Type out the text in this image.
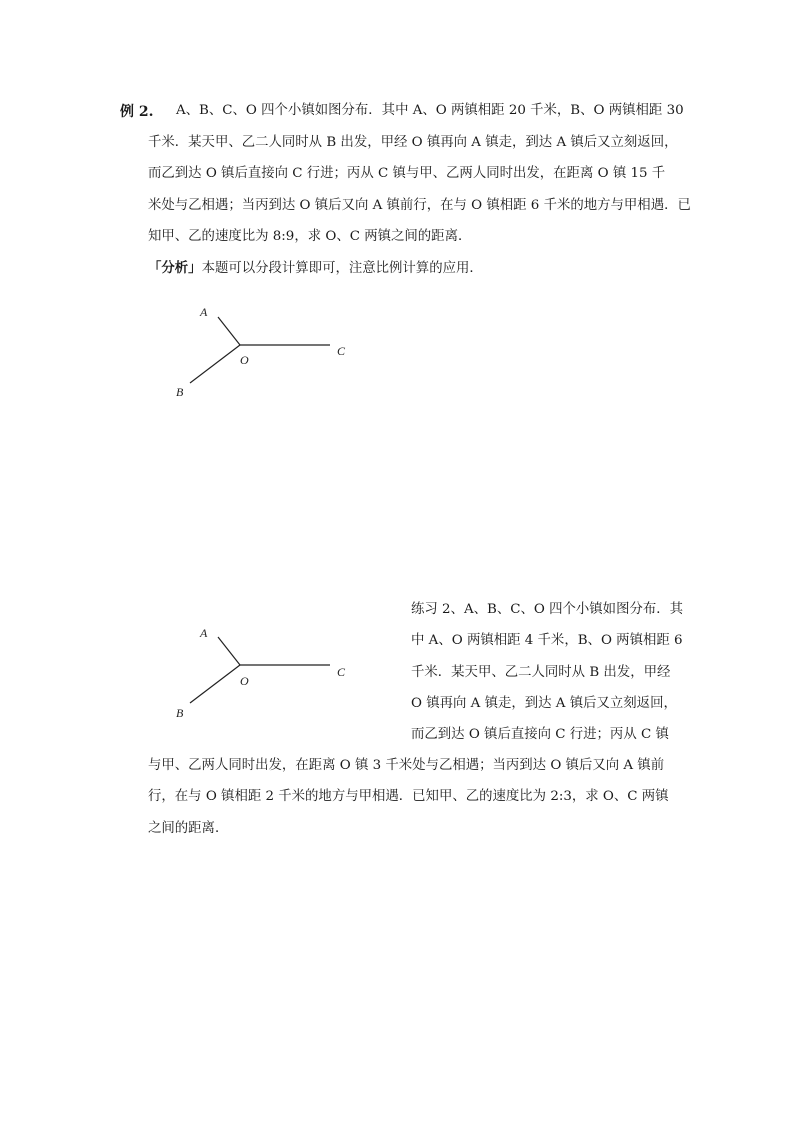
例 2. A、B、C、O 四个小镇如图分布．其中 A、O 两镇相距 20 千米，B、O 两镇相距 30
千米．某天甲、乙二人同时从 B 出发，甲经 O 镇再向 A 镇走，到达 A 镇后又立刻返回，
而乙到达 O 镇后直接向 C 行进；丙从 C 镇与甲、乙两人同时出发，在距离 O 镇 15 千
米处与乙相遇；当丙到达 O 镇后又向 A 镇前行，在与 O 镇相距 6 千米的地方与甲相遇．已
知甲、乙的速度比为 8:9，求 O、C 两镇之间的距离．
「分析」本题可以分段计算即可，注意比例计算的应用．
A
O
C
B
A
O
C
B
练习 2、A、B、C、O 四个小镇如图分布．其
中 A、O 两镇相距 4 千米，B、O 两镇相距 6
千米．某天甲、乙二人同时从 B 出发，甲经
O 镇再向 A 镇走，到达 A 镇后又立刻返回，
而乙到达 O 镇后直接向 C 行进；丙从 C 镇
与甲、乙两人同时出发，在距离 O 镇 3 千米处与乙相遇；当丙到达 O 镇后又向 A 镇前
行，在与 O 镇相距 2 千米的地方与甲相遇．已知甲、乙的速度比为 2:3，求 O、C 两镇
之间的距离．
